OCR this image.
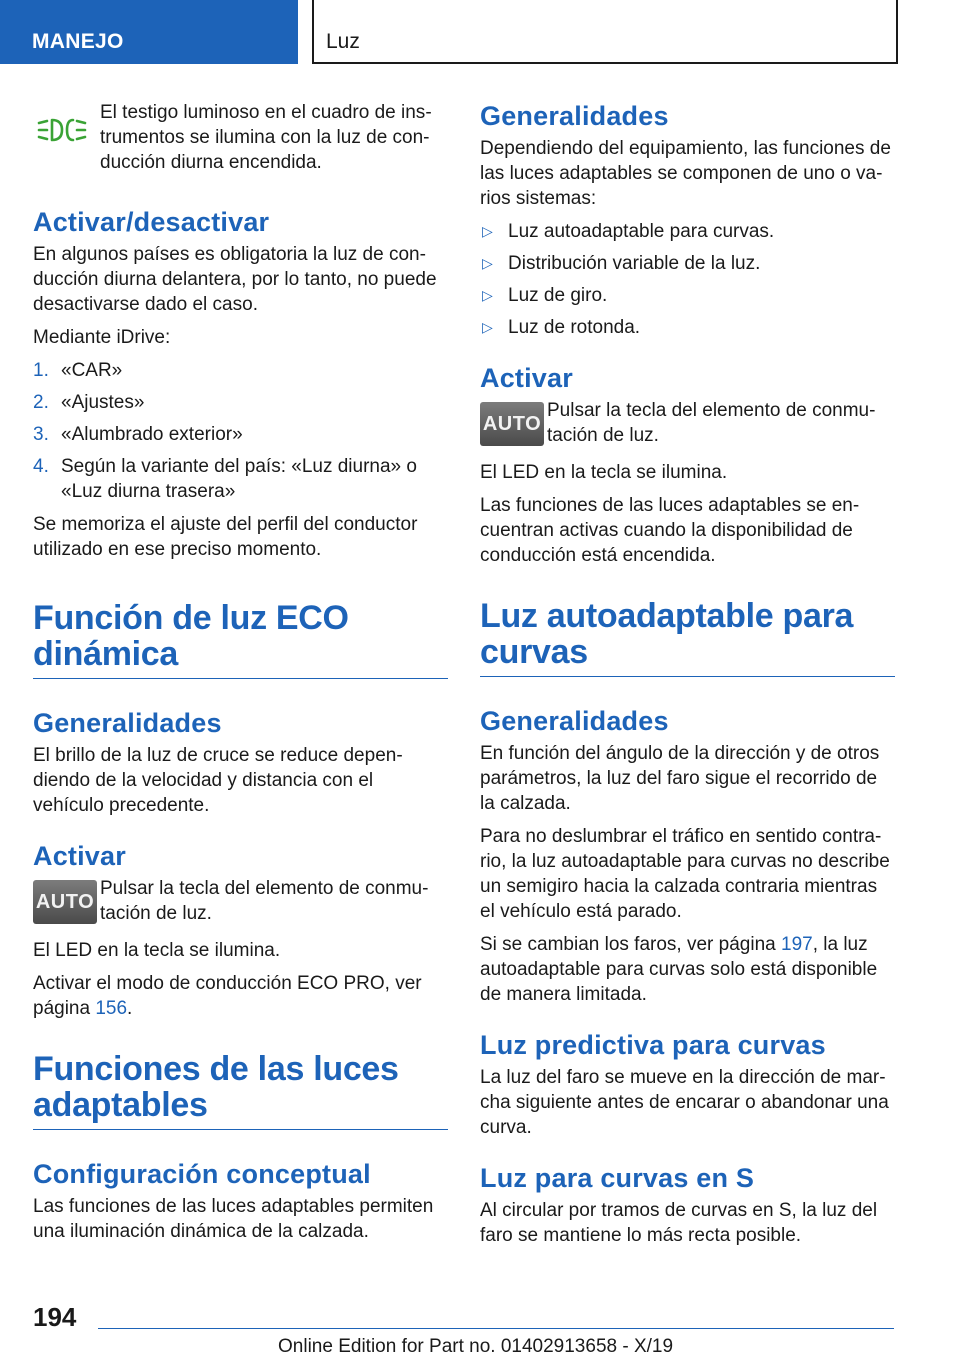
MANEJO	Luz

El testigo luminoso en el cuadro de instrumentos se ilumina con la luz de conducción diurna encendida.

Activar/desactivar

En algunos países es obligatoria la luz de conducción diurna delantera, por lo tanto, no puede desactivarse dado el caso.

Mediante iDrive:

1. «CAR»
2. «Ajustes»
3. «Alumbrado exterior»
4. Según la variante del país: «Luz diurna» o «Luz diurna trasera»

Se memoriza el ajuste del perfil del conductor utilizado en ese preciso momento.

Función de luz ECO dinámica
Generalidades

El brillo de la luz de cruce se reduce dependiendo de la velocidad y distancia con el vehículo precedente.

Activar
AUTO

Pulsar la tecla del elemento de conmutación de luz.

El LED en la tecla se ilumina.

Activar el modo de conducción ECO PRO, ver página 156.

Funciones de las luces adaptables
Configuración conceptual

Las funciones de las luces adaptables permiten una iluminación dinámica de la calzada.

Generalidades

Dependiendo del equipamiento, las funciones de las luces adaptables se componen de uno o varios sistemas:

▷ Luz autoadaptable para curvas.
▷ Distribución variable de la luz.
▷ Luz de giro.
▷ Luz de rotonda.
Activar
AUTO

Pulsar la tecla del elemento de conmutación de luz.

El LED en la tecla se ilumina.

Las funciones de las luces adaptables se encuentran activas cuando la disponibilidad de conducción está encendida.

Luz autoadaptable para curvas
Generalidades

En función del ángulo de la dirección y de otros parámetros, la luz del faro sigue el recorrido de la calzada.

Para no deslumbrar el tráfico en sentido contrario, la luz autoadaptable para curvas no describe un semigiro hacia la calzada contraria mientras el vehículo está parado.

Si se cambian los faros, ver página 197, la luz autoadaptable para curvas solo está disponible de manera limitada.

Luz predictiva para curvas

La luz del faro se mueve en la dirección de marcha siguiente antes de encarar o abandonar una curva.

Luz para curvas en S

Al circular por tramos de curvas en S, la luz del faro se mantiene lo más recta posible.

194
Online Edition for Part no. 01402913658 - X/19
